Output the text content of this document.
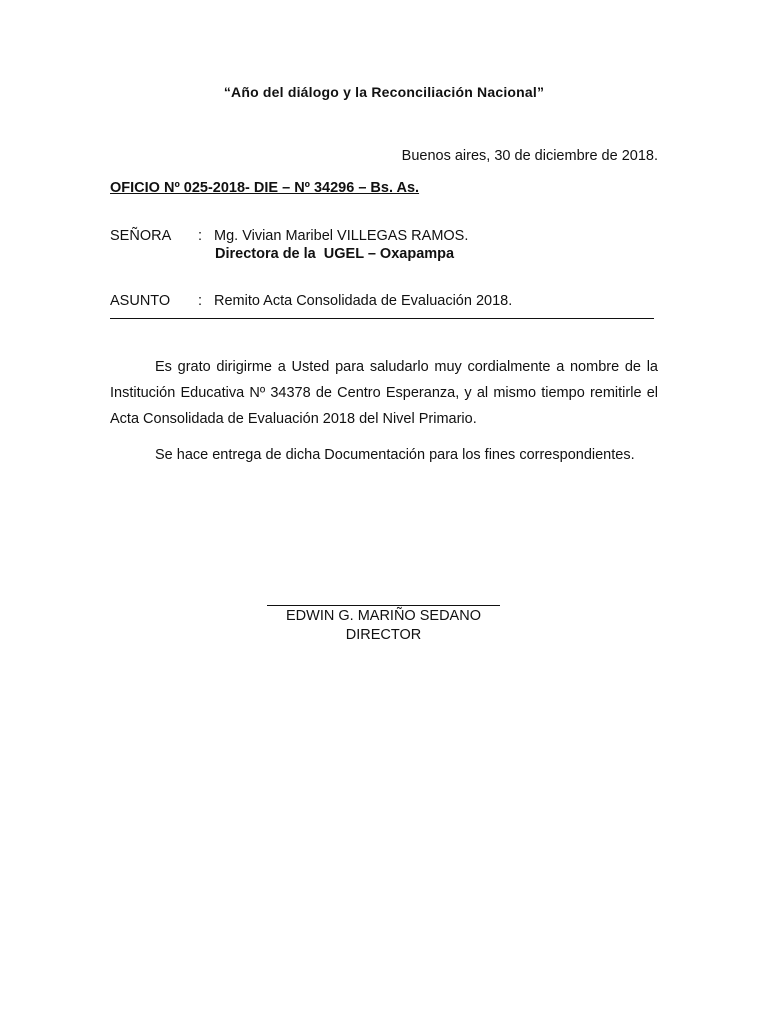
“Año del diálogo y la Reconciliación Nacional”
Buenos aires, 30 de diciembre de 2018.
OFICIO Nº 025-2018- DIE – Nº 34296 – Bs. As.
SEÑORA	: Mg. Vivian Maribel VILLEGAS RAMOS.
Directora de la  UGEL – Oxapampa
ASUNTO	: Remito Acta Consolidada de Evaluación 2018.

Es grato dirigirme a Usted para saludarlo muy cordialmente a nombre de la Institución Educativa Nº 34378 de Centro Esperanza, y al mismo tiempo remitirle el Acta Consolidada de Evaluación 2018 del Nivel Primario.

Se hace entrega de dicha Documentación para los fines correspondientes.

EDWIN G. MARIÑO SEDANO
DIRECTOR
